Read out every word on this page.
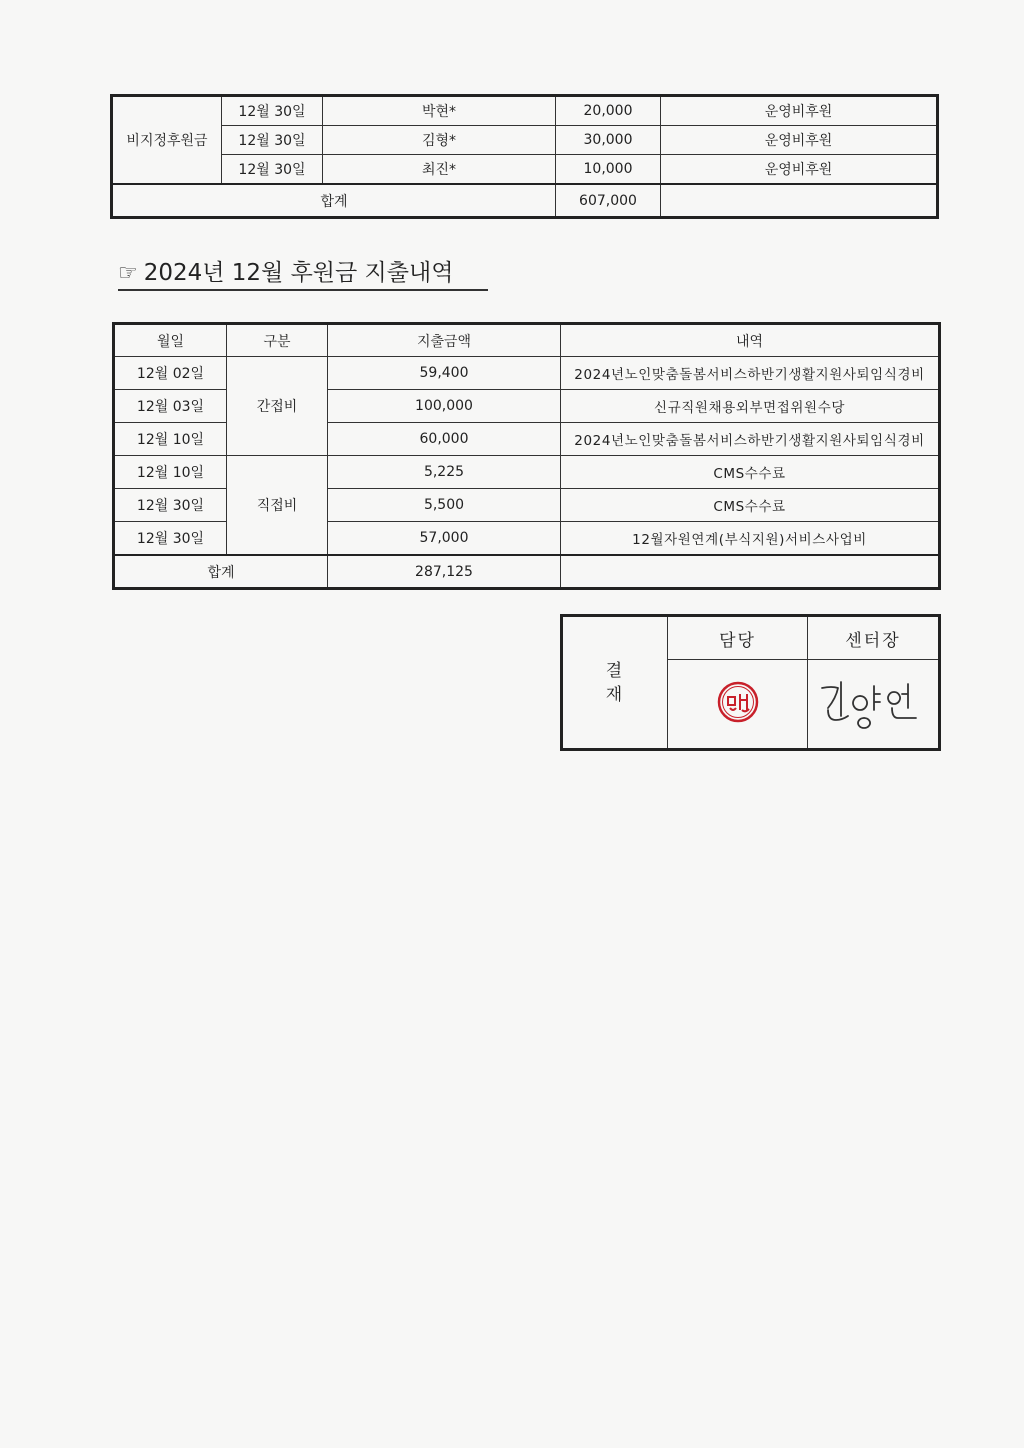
비지정후원금	12월 30일	박현*	20,000	운영비후원
	12월 30일	김형*	30,000	운영비후원
	12월 30일	최진*	10,000	운영비후원
합계			607,000	
☞ 2024년 12월 후원금 지출내역
월일	구분	지출금액	내역
12월 02일	간접비	59,400	2024년노인맞춤돌봄서비스하반기생활지원사퇴임식경비
12월 03일		100,000	신규직원채용외부면접위원수당
12월 10일		60,000	2024년노인맞춤돌봄서비스하반기생활지원사퇴임식경비
12월 10일	직접비	5,225	CMS수수료
12월 30일		5,500	CMS수수료
12월 30일		57,000	12월자원연계(부식지원)서비스사업비
합계		287,125	
결
재	담당	센터장
